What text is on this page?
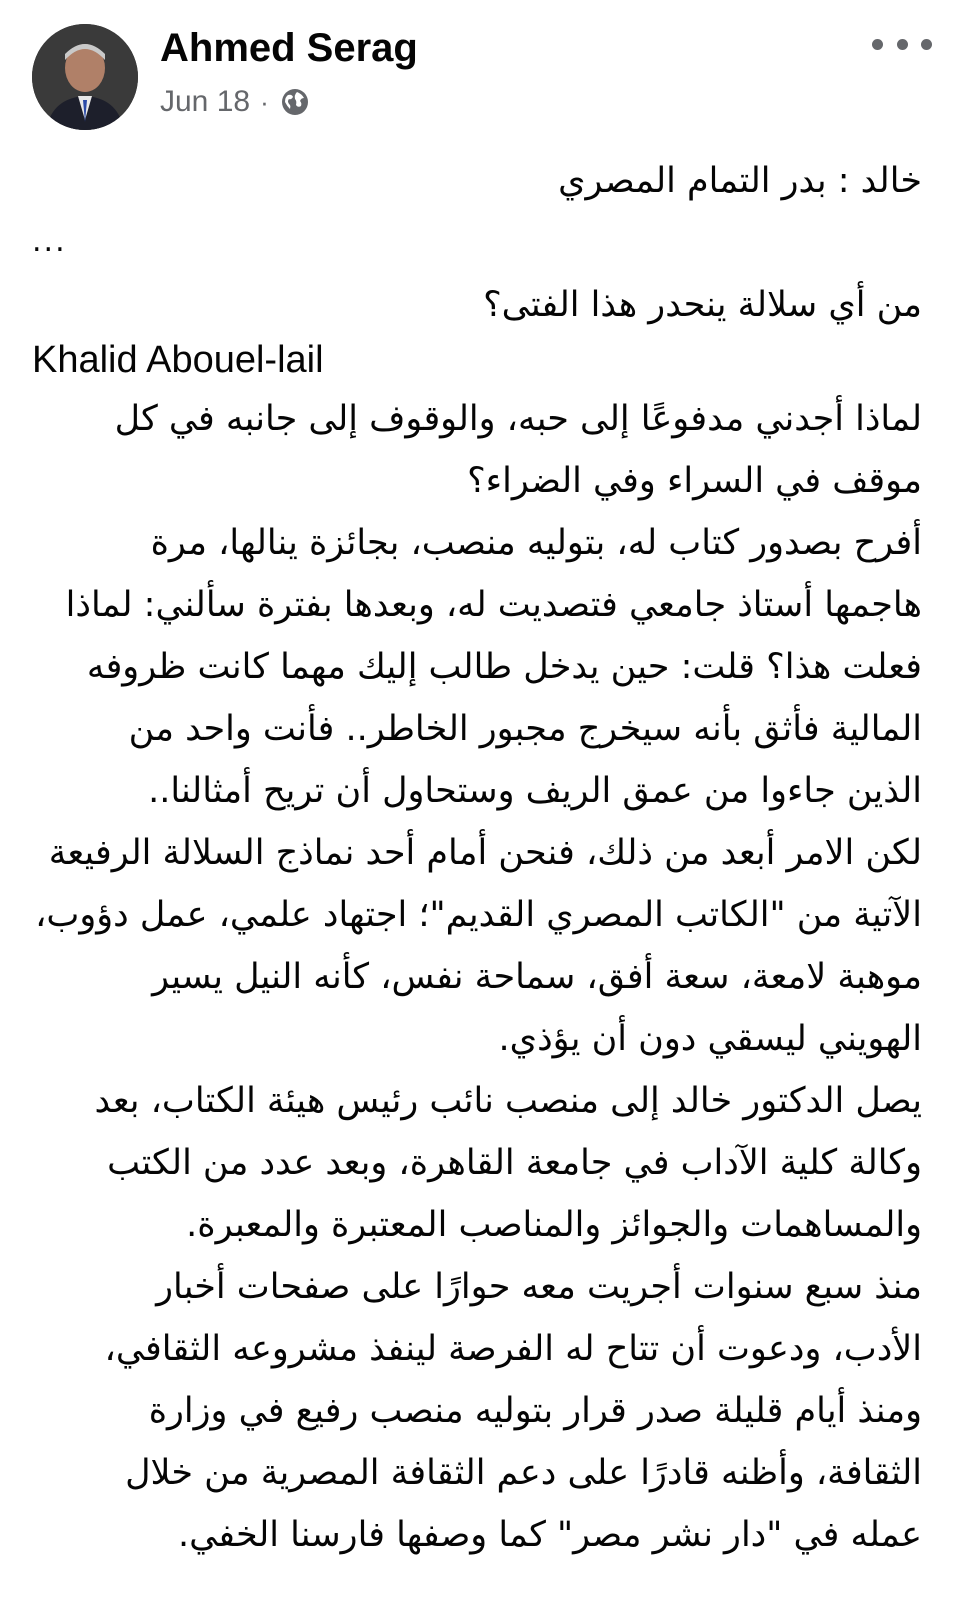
Ahmed Serag
Jun 18 ·
خالد : بدر التمام المصري
...
من أي سلالة ينحدر هذا الفتى؟
Khalid Abouel-lail
لماذا أجدني مدفوعًا إلى حبه، والوقوف إلى جانبه في كل
موقف في السراء وفي الضراء؟
أفرح بصدور كتاب له، بتوليه منصب، بجائزة ينالها، مرة
هاجمها أستاذ جامعي فتصديت له، وبعدها بفترة سألني: لماذا
فعلت هذا؟ قلت: حين يدخل طالب إليك مهما كانت ظروفه
المالية فأثق بأنه سيخرج مجبور الخاطر.. فأنت واحد من
الذين جاءوا من عمق الريف وستحاول أن تريح أمثالنا..
لكن الامر أبعد من ذلك، فنحن أمام أحد نماذج السلالة الرفيعة
الآتية من "الكاتب المصري القديم"؛ اجتهاد علمي، عمل دؤوب،
موهبة لامعة، سعة أفق، سماحة نفس، كأنه النيل يسير
الهويني ليسقي دون أن يؤذي.
يصل الدكتور خالد إلى منصب نائب رئيس هيئة الكتاب، بعد
وكالة كلية الآداب في جامعة القاهرة، وبعد عدد من الكتب
والمساهمات والجوائز والمناصب المعتبرة والمعبرة.
منذ سبع سنوات أجريت معه حوارًا على صفحات أخبار
الأدب، ودعوت أن تتاح له الفرصة لينفذ مشروعه الثقافي،
ومنذ أيام قليلة صدر قرار بتوليه منصب رفيع في وزارة
الثقافة، وأظنه قادرًا على دعم الثقافة المصرية من خلال
عمله في "دار نشر مصر" كما وصفها فارسنا الخفي.
